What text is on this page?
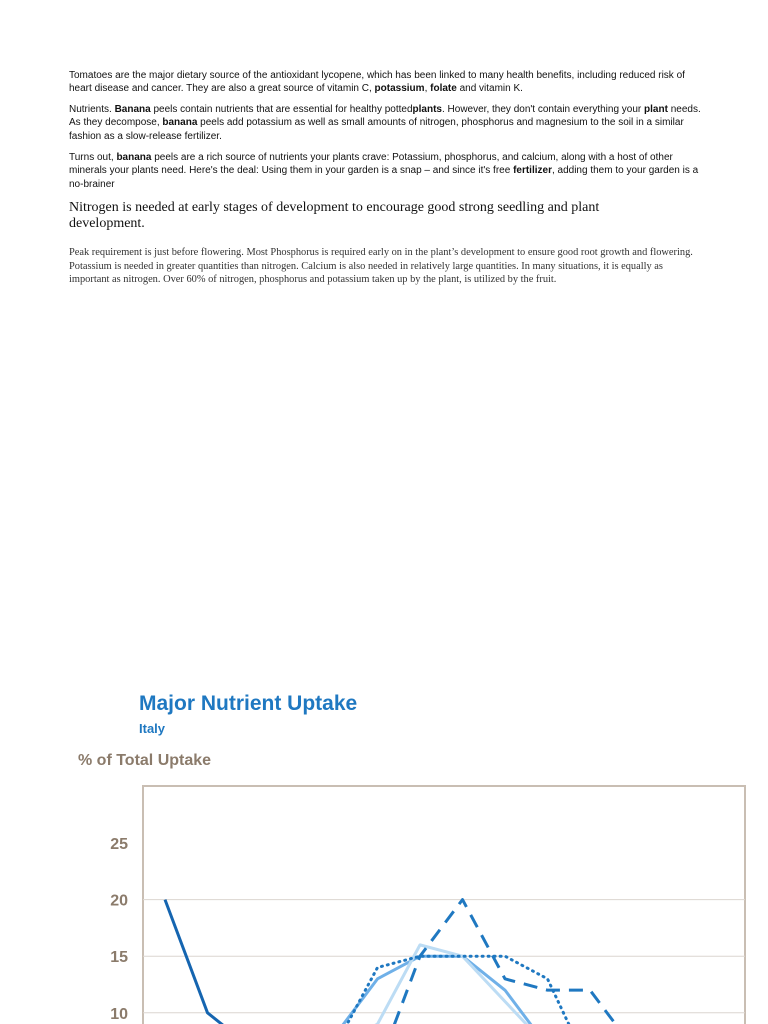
Tomatoes are the major dietary source of the antioxidant lycopene, which has been linked to many health benefits, including reduced risk of heart disease and cancer. They are also a great source of vitamin C, potassium, folate and vitamin K.

Nutrients. Banana peels contain nutrients that are essential for healthy pottedplants. However, they don't contain everything your plant needs. As they decompose, banana peels add potassium as well as small amounts of nitrogen, phosphorus and magnesium to the soil in a similar fashion as a slow-release fertilizer.

Turns out, banana peels are a rich source of nutrients your plants crave: Potassium, phosphorus, and calcium, along with a host of other minerals your plants need. Here's the deal: Using them in your garden is a snap – and since it's free fertilizer, adding them to your garden is a no-brainer

Nitrogen is needed at early stages of development to encourage good strong seedling and plant development.

Peak requirement is just before flowering. Most Phosphorus is required early on in the plant’s development to ensure good root growth and flowering. Potassium is needed in greater quantities than nitrogen. Calcium is also needed in relatively large quantities. In many situations, it is equally as important as nitrogen. Over 60% of nitrogen, phosphorus and potassium taken up by the plant, is utilized by the fruit.

Major Nutrient Uptake
Italy
% of Total Uptake
10
15
20
25
